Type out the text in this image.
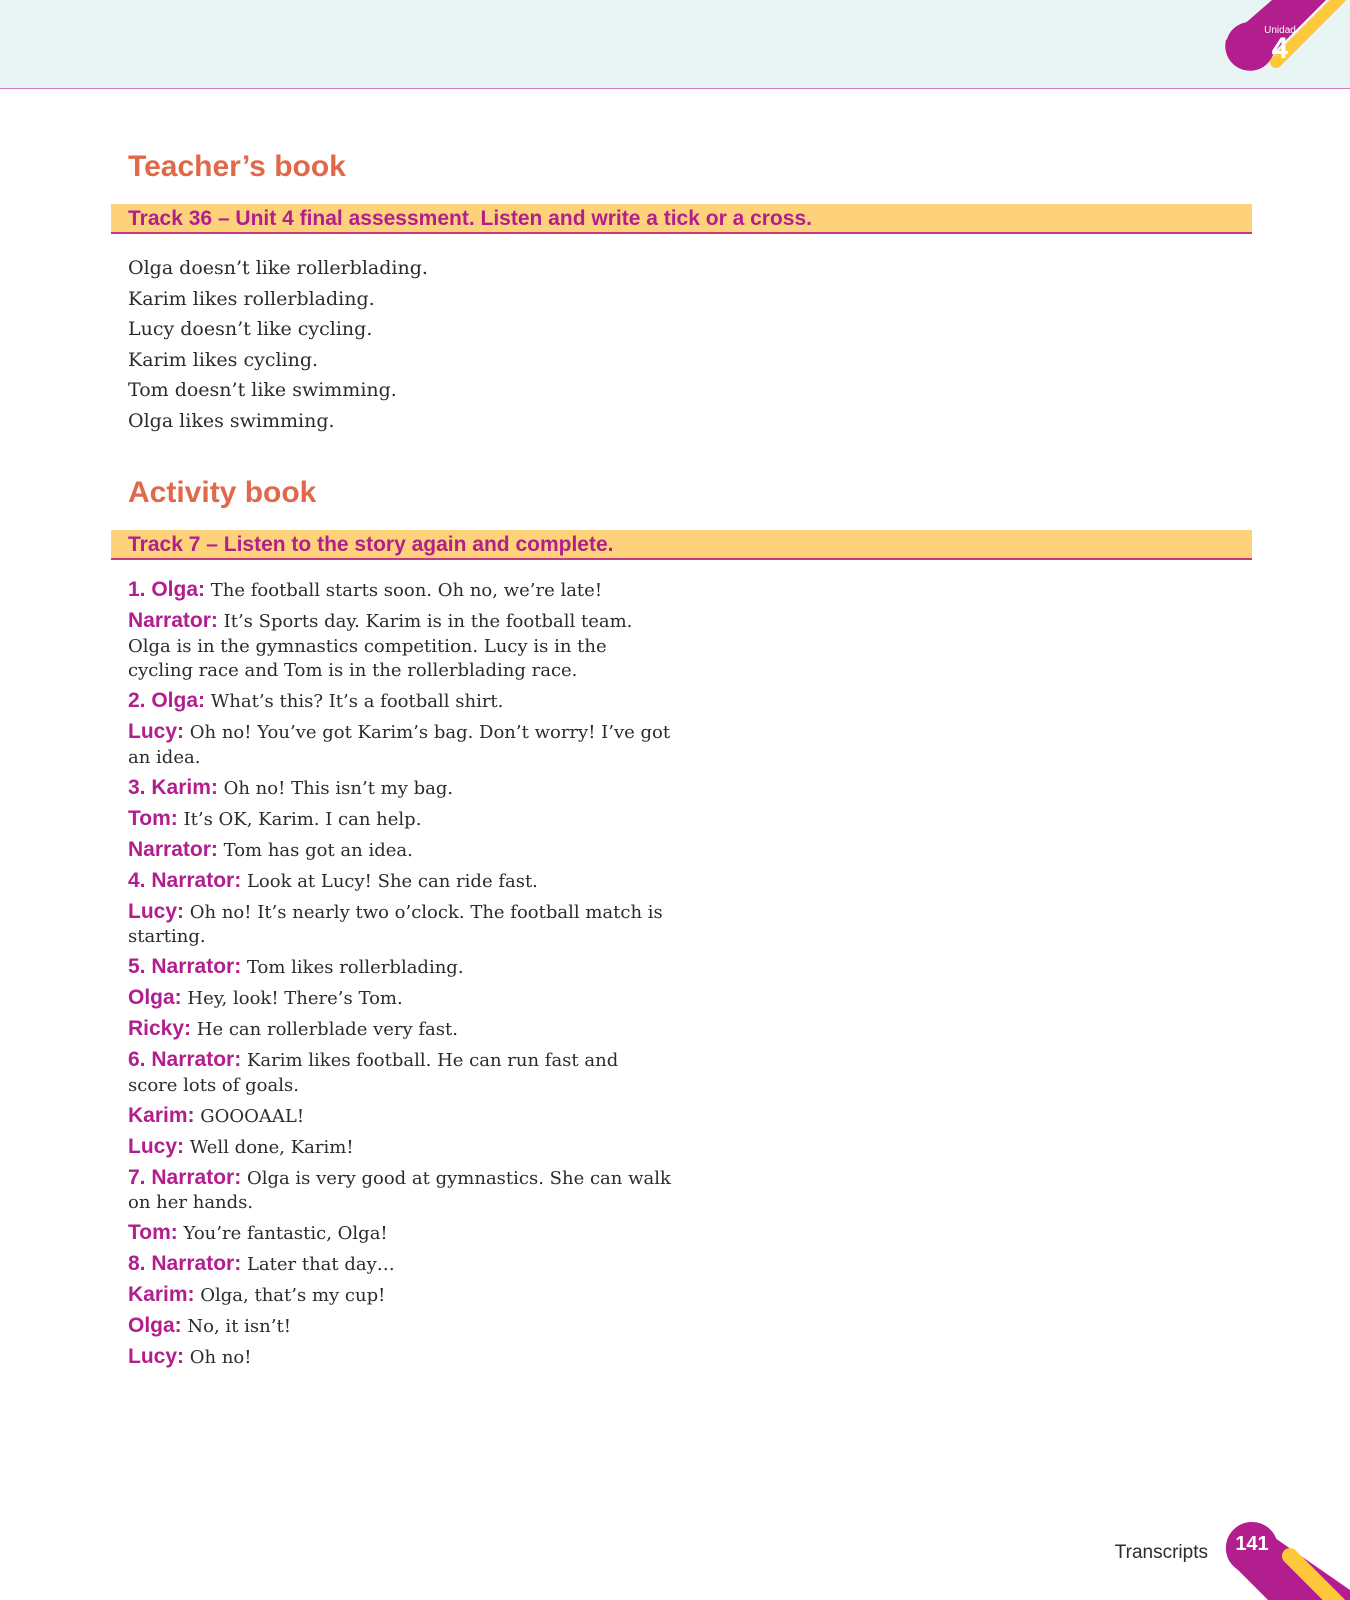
Unidad
4
Teacher’s book
Track 36 – Unit 4 final assessment. Listen and write a tick or a cross.
Olga doesn’t like rollerblading.
Karim likes rollerblading.
Lucy doesn’t like cycling.
Karim likes cycling.
Tom doesn’t like swimming.
Olga likes swimming.
Activity book
Track 7 – Listen to the story again and complete.
1. Olga: The football starts soon. Oh no, we’re late!
Narrator: It’s Sports day. Karim is in the football team. Olga is in the gymnastics competition. Lucy is in the cycling race and Tom is in the rollerblading race.
2. Olga: What’s this? It’s a football shirt.
Lucy: Oh no! You’ve got Karim’s bag. Don’t worry! I’ve got an idea.
3. Karim: Oh no! This isn’t my bag.
Tom: It’s OK, Karim. I can help.
Narrator: Tom has got an idea.
4. Narrator: Look at Lucy! She can ride fast.
Lucy: Oh no! It’s nearly two o’clock. The football match is starting.
5. Narrator: Tom likes rollerblading.
Olga: Hey, look! There’s Tom.
Ricky: He can rollerblade very fast.
6. Narrator: Karim likes football. He can run fast and score lots of goals.
Karim: GOOOAAL!
Lucy: Well done, Karim!
7. Narrator: Olga is very good at gymnastics. She can walk on her hands.
Tom: You’re fantastic, Olga!
8. Narrator: Later that day…
Karim: Olga, that’s my cup!
Olga: No, it isn’t!
Lucy: Oh no!
Transcripts	141
